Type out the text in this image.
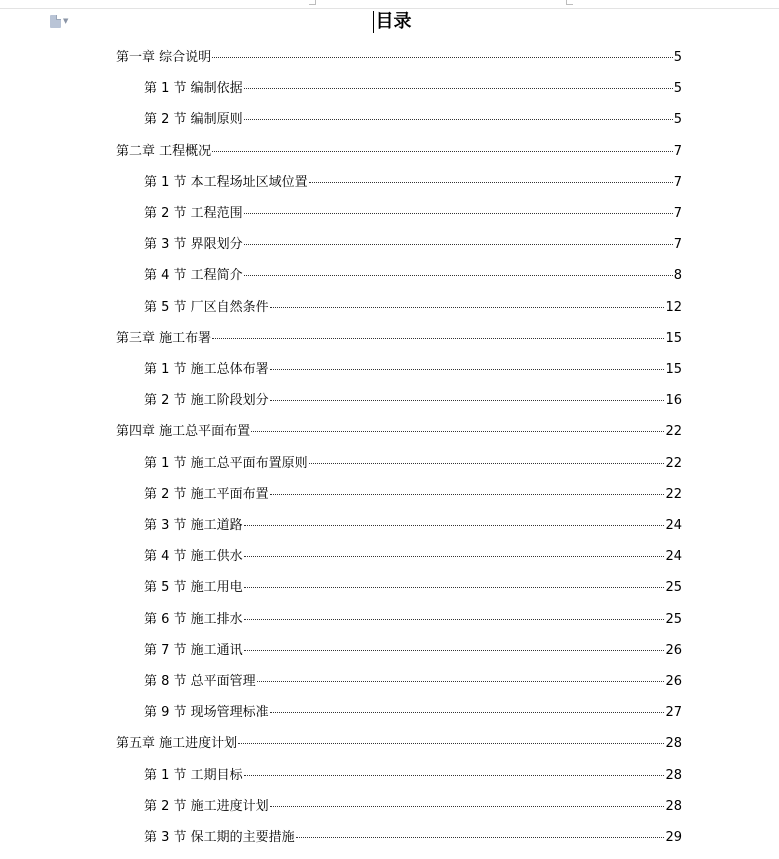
▼	目录
第一章 综合说明	5
第 1 节 编制依据	5
第 2 节 编制原则	5
第二章 工程概况	7
第 1 节 本工程场址区域位置	7
第 2 节 工程范围	7
第 3 节 界限划分	7
第 4 节 工程简介	8
第 5 节 厂区自然条件	12
第三章 施工布署	15
第 1 节 施工总体布署	15
第 2 节 施工阶段划分	16
第四章 施工总平面布置	22
第 1 节 施工总平面布置原则	22
第 2 节 施工平面布置	22
第 3 节 施工道路	24
第 4 节 施工供水	24
第 5 节 施工用电	25
第 6 节 施工排水	25
第 7 节 施工通讯	26
第 8 节 总平面管理	26
第 9 节 现场管理标准	27
第五章 施工进度计划	28
第 1 节 工期目标	28
第 2 节 施工进度计划	28
第 3 节 保工期的主要措施	29
